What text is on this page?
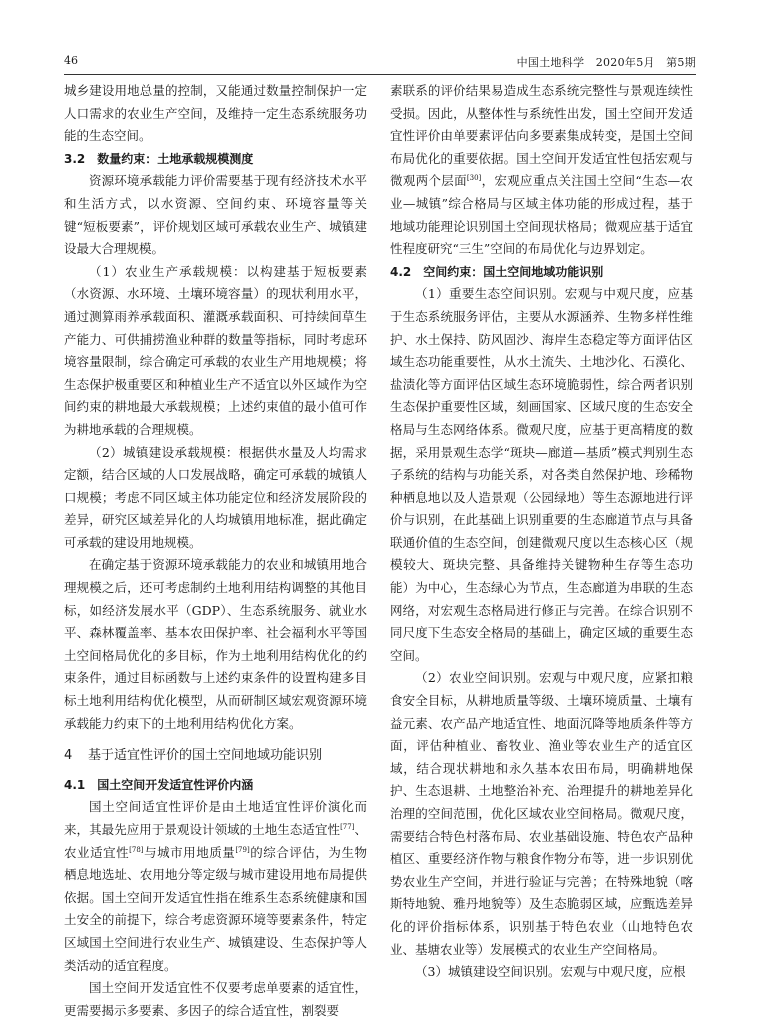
46	中国土地科学　2020年5月　第5期

城乡建设用地总量的控制，又能通过数量控制保护一定人口需求的农业生产空间，及维持一定生态系统服务功能的生态空间。

3.2　数量约束：土地承载规模测度

资源环境承载能力评价需要基于现有经济技术水平和生活方式，以水资源、空间约束、环境容量等关键“短板要素”，评价规划区域可承载农业生产、城镇建设最大合理规模。

（1）农业生产承载规模：以构建基于短板要素（水资源、水环境、土壤环境容量）的现状利用水平，通过测算雨养承载面积、灌溉承载面积、可持续间草生产能力、可供捕捞渔业种群的数量等指标，同时考虑环境容量限制，综合确定可承载的农业生产用地规模；将生态保护极重要区和种植业生产不适宜以外区域作为空间约束的耕地最大承载规模；上述约束值的最小值可作为耕地承载的合理规模。

（2）城镇建设承载规模：根据供水量及人均需求定额，结合区域的人口发展战略，确定可承载的城镇人口规模；考虑不同区域主体功能定位和经济发展阶段的差异，研究区域差异化的人均城镇用地标准，据此确定可承载的建设用地规模。

在确定基于资源环境承载能力的农业和城镇用地合理规模之后，还可考虑制约土地利用结构调整的其他目标，如经济发展水平（GDP）、生态系统服务、就业水平、森林覆盖率、基本农田保护率、社会福利水平等国土空间格局优化的多目标，作为土地利用结构优化的约束条件，通过目标函数与上述约束条件的设置构建多目标土地利用结构优化模型，从而研制区域宏观资源环境承载能力约束下的土地利用结构优化方案。

4 基于适宜性评价的国土空间地域功能识别

4.1　国土空间开发适宜性评价内涵

国土空间适宜性评价是由土地适宜性评价演化而来，其最先应用于景观设计领域的土地生态适宜性[77]、农业适宜性[78]与城市用地质量[79]的综合评估，为生物栖息地选址、农用地分等定级与城市建设用地布局提供依据。国土空间开发适宜性指在维系生态系统健康和国土安全的前提下，综合考虑资源环境等要素条件，特定区域国土空间进行农业生产、城镇建设、生态保护等人类活动的适宜程度。

国土空间开发适宜性不仅要考虑单要素的适宜性，更需要揭示多要素、多因子的综合适宜性，割裂要

素联系的评价结果易造成生态系统完整性与景观连续性受损。因此，从整体性与系统性出发，国土空间开发适宜性评价由单要素评估向多要素集成转变，是国土空间布局优化的重要依据。国土空间开发适宜性包括宏观与微观两个层面[30]，宏观应重点关注国土空间“生态—农业—城镇”综合格局与区域主体功能的形成过程，基于地域功能理论识别国土空间现状格局；微观应基于适宜性程度研究“三生”空间的布局优化与边界划定。

4.2　空间约束：国土空间地域功能识别

（1）重要生态空间识别。宏观与中观尺度，应基于生态系统服务评估，主要从水源涵养、生物多样性维护、水土保持、防风固沙、海岸生态稳定等方面评估区域生态功能重要性，从水土流失、土地沙化、石漠化、盐渍化等方面评估区域生态环境脆弱性，综合两者识别生态保护重要性区域，刻画国家、区域尺度的生态安全格局与生态网络体系。微观尺度，应基于更高精度的数据，采用景观生态学“斑块—廊道—基质”模式判别生态子系统的结构与功能关系，对各类自然保护地、珍稀物种栖息地以及人造景观（公园绿地）等生态源地进行评价与识别，在此基础上识别重要的生态廊道节点与具备联通价值的生态空间，创建微观尺度以生态核心区（规模较大、斑块完整、具备维持关键物种生存等生态功能）为中心，生态绿心为节点，生态廊道为串联的生态网络，对宏观生态格局进行修正与完善。在综合识别不同尺度下生态安全格局的基础上，确定区域的重要生态空间。

（2）农业空间识别。宏观与中观尺度，应紧扣粮食安全目标，从耕地质量等级、土壤环境质量、土壤有益元素、农产品产地适宜性、地面沉降等地质条件等方面，评估种植业、畜牧业、渔业等农业生产的适宜区域，结合现状耕地和永久基本农田布局，明确耕地保护、生态退耕、土地整治补充、治理提升的耕地差异化治理的空间范围，优化区域农业空间格局。微观尺度，需要结合特色村落布局、农业基础设施、特色农产品种植区、重要经济作物与粮食作物分布等，进一步识别优势农业生产空间，并进行验证与完善；在特殊地貌（喀斯特地貌、雅丹地貌等）及生态脆弱区域，应甄选差异化的评价指标体系，识别基于特色农业（山地特色农业、基塘农业等）发展模式的农业生产空间格局。

（3）城镇建设空间识别。宏观与中观尺度，应根
